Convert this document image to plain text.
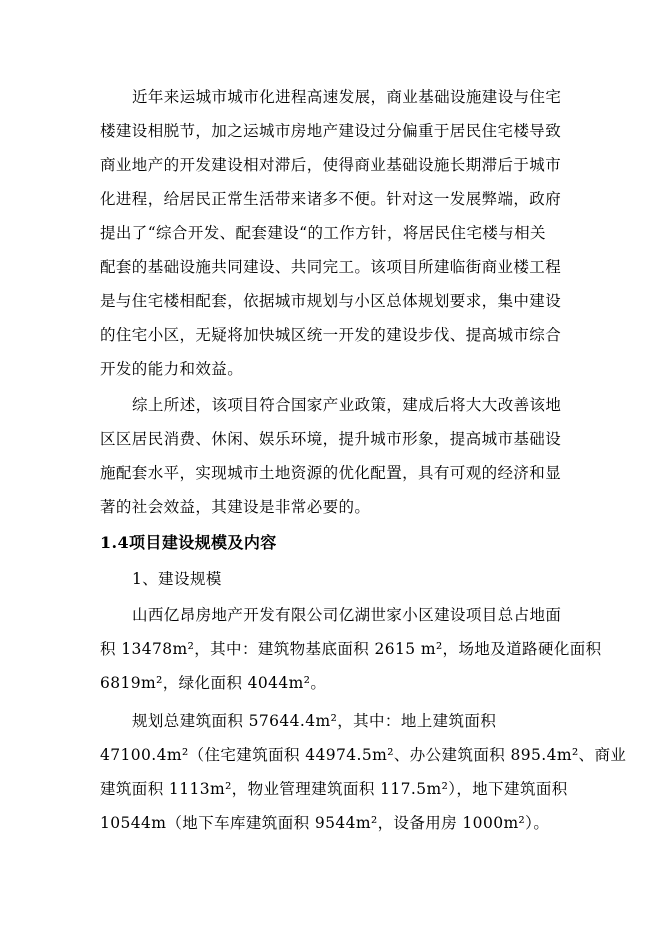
近年来运城市城市化进程高速发展，商业基础设施建设与住宅
楼建设相脱节，加之运城市房地产建设过分偏重于居民住宅楼导致
商业地产的开发建设相对滞后，使得商业基础设施长期滞后于城市
化进程，给居民正常生活带来诸多不便。针对这一发展弊端，政府
提出了“综合开发、配套建设“的工作方针，将居民住宅楼与相关
配套的基础设施共同建设、共同完工。该项目所建临街商业楼工程
是与住宅楼相配套，依据城市规划与小区总体规划要求，集中建设
的住宅小区，无疑将加快城区统一开发的建设步伐、提高城市综合
开发的能力和效益。
综上所述，该项目符合国家产业政策，建成后将大大改善该地
区区居民消费、休闲、娱乐环境，提升城市形象，提高城市基础设
施配套水平，实现城市土地资源的优化配置，具有可观的经济和显
著的社会效益，其建设是非常必要的。
1.4项目建设规模及内容
1、建设规模
山西亿昂房地产开发有限公司亿湖世家小区建设项目总占地面
积 13478m²，其中：建筑物基底面积 2615 m²，场地及道路硬化面积
6819m²，绿化面积 4044m²。
规划总建筑面积 57644.4m²，其中：地上建筑面积
47100.4m²（住宅建筑面积 44974.5m²、办公建筑面积 895.4m²、商业
建筑面积 1113m²，物业管理建筑面积 117.5m²），地下建筑面积
10544m（地下车库建筑面积 9544m²，设备用房 1000m²）。
